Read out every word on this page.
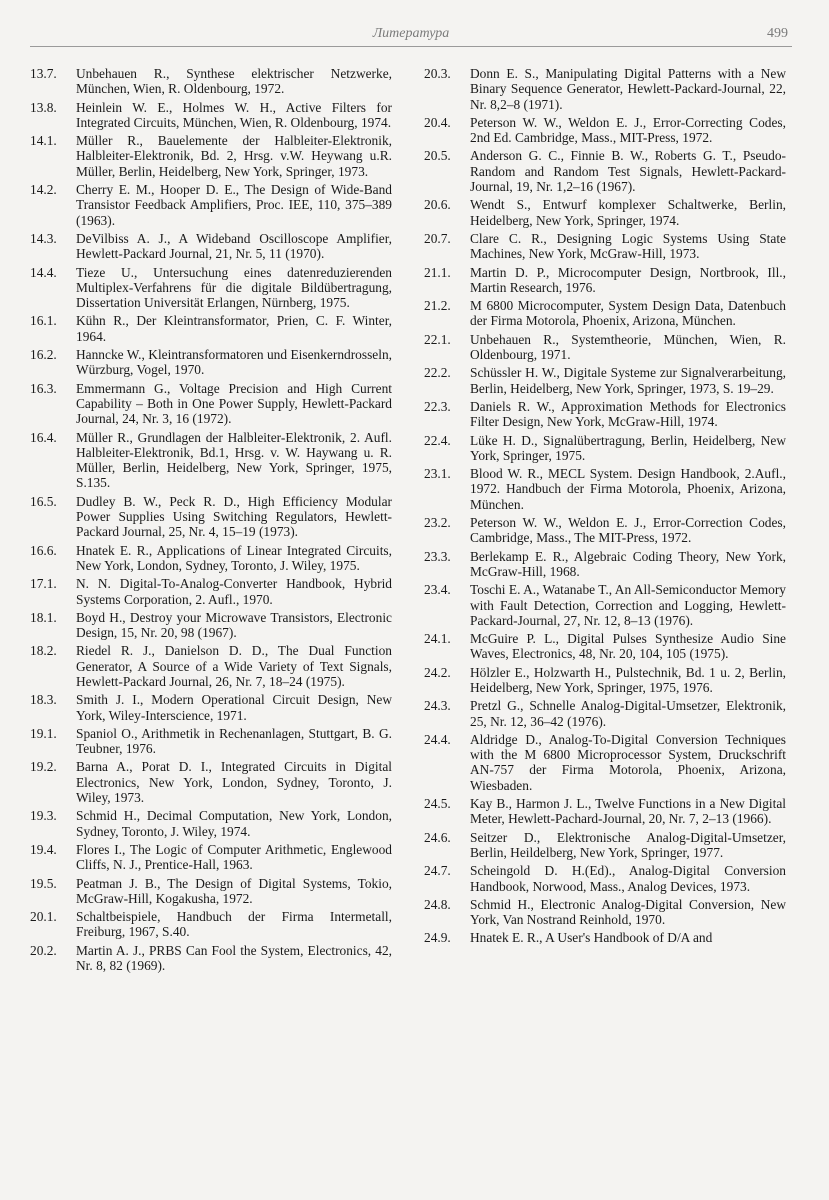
Литература	499
13.7.	Unbehauen R., Synthese elektrischer Netzwerke, München, Wien, R. Oldenbourg, 1972.
13.8.	Heinlein W. E., Holmes W. H., Active Filters for Integrated Circuits, München, Wien, R. Oldenbourg, 1974.
14.1.	Müller R., Bauelemente der Halbleiter-Elektronik, Halbleiter-Elektronik, Bd. 2, Hrsg. v.W. Heywang u.R. Müller, Berlin, Heidelberg, New York, Springer, 1973.
14.2.	Cherry E. M., Hooper D. E., The Design of Wide-Band Transistor Feedback Amplifiers, Proc. IEE, 110, 375–389 (1963).
14.3.	DeVilbiss A. J., A Wideband Oscilloscope Amplifier, Hewlett-Packard Journal, 21, Nr. 5, 11 (1970).
14.4.	Tieze U., Untersuchung eines datenreduzierenden Multiplex-Verfahrens für die digitale Bildübertragung, Dissertation Universität Erlangen, Nürnberg, 1975.
16.1.	Kühn R., Der Kleintransformator, Prien, C. F. Winter, 1964.
16.2.	Hanncke W., Kleintransformatoren und Eisenkerndrosseln, Würzburg, Vogel, 1970.
16.3.	Emmermann G., Voltage Precision and High Current Capability – Both in One Power Supply, Hewlett-Packard Journal, 24, Nr. 3, 16 (1972).
16.4.	Müller R., Grundlagen der Halbleiter-Elektronik, 2. Aufl. Halbleiter-Elektronik, Bd.1, Hrsg. v. W. Haywang u. R. Müller, Berlin, Heidelberg, New York, Springer, 1975, S.135.
16.5.	Dudley B. W., Peck R. D., High Efficiency Modular Power Supplies Using Switching Regulators, Hewlett-Packard Journal, 25, Nr. 4, 15–19 (1973).
16.6.	Hnatek E. R., Applications of Linear Integrated Circuits, New York, London, Sydney, Toronto, J. Wiley, 1975.
17.1.	N. N. Digital-To-Analog-Converter Handbook, Hybrid Systems Corporation, 2. Aufl., 1970.
18.1.	Boyd H., Destroy your Microwave Transistors, Electronic Design, 15, Nr. 20, 98 (1967).
18.2.	Riedel R. J., Danielson D. D., The Dual Function Generator, A Source of a Wide Variety of Text Signals, Hewlett-Packard Journal, 26, Nr. 7, 18–24 (1975).
18.3.	Smith J. I., Modern Operational Circuit Design, New York, Wiley-Interscience, 1971.
19.1.	Spaniol O., Arithmetik in Rechenanlagen, Stuttgart, B. G. Teubner, 1976.
19.2.	Barna A., Porat D. I., Integrated Circuits in Digital Electronics, New York, London, Sydney, Toronto, J. Wiley, 1973.
19.3.	Schmid H., Decimal Computation, New York, London, Sydney, Toronto, J. Wiley, 1974.
19.4.	Flores I., The Logic of Computer Arithmetic, Englewood Cliffs, N. J., Prentice-Hall, 1963.
19.5.	Peatman J. B., The Design of Digital Systems, Tokio, McGraw-Hill, Kogakusha, 1972.
20.1.	Schaltbeispiele, Handbuch der Firma Intermetall, Freiburg, 1967, S.40.
20.2.	Martin A. J., PRBS Can Fool the System, Electronics, 42, Nr. 8, 82 (1969).
20.3.	Donn E. S., Manipulating Digital Patterns with a New Binary Sequence Generator, Hewlett-Packard-Journal, 22, Nr. 8,2–8 (1971).
20.4.	Peterson W. W., Weldon E. J., Error-Correcting Codes, 2nd Ed. Cambridge, Mass., MIT-Press, 1972.
20.5.	Anderson G. C., Finnie B. W., Roberts G. T., Pseudo-Random and Random Test Signals, Hewlett-Packard-Journal, 19, Nr. 1,2–16 (1967).
20.6.	Wendt S., Entwurf komplexer Schaltwerke, Berlin, Heidelberg, New York, Springer, 1974.
20.7.	Clare C. R., Designing Logic Systems Using State Machines, New York, McGraw-Hill, 1973.
21.1.	Martin D. P., Microcomputer Design, Nortbrook, Ill., Martin Research, 1976.
21.2.	M 6800 Microcomputer, System Design Data, Datenbuch der Firma Motorola, Phoenix, Arizona, München.
22.1.	Unbehauen R., Systemtheorie, München, Wien, R. Oldenbourg, 1971.
22.2.	Schüssler H. W., Digitale Systeme zur Signalverarbeitung, Berlin, Heidelberg, New York, Springer, 1973, S. 19–29.
22.3.	Daniels R. W., Approximation Methods for Electronics Filter Design, New York, McGraw-Hill, 1974.
22.4.	Lüke H. D., Signalübertragung, Berlin, Heidelberg, New York, Springer, 1975.
23.1.	Blood W. R., MECL System. Design Handbook, 2.Aufl., 1972. Handbuch der Firma Motorola, Phoenix, Arizona, München.
23.2.	Peterson W. W., Weldon E. J., Error-Correction Codes, Cambridge, Mass., The MIT-Press, 1972.
23.3.	Berlekamp E. R., Algebraic Coding Theory, New York, McGraw-Hill, 1968.
23.4.	Toschi E. A., Watanabe T., An All-Semiconductor Memory with Fault Detection, Correction and Logging, Hewlett-Packard-Journal, 27, Nr. 12, 8–13 (1976).
24.1.	McGuire P. L., Digital Pulses Synthesize Audio Sine Waves, Electronics, 48, Nr. 20, 104, 105 (1975).
24.2.	Hölzler E., Holzwarth H., Pulstechnik, Bd. 1 u. 2, Berlin, Heidelberg, New York, Springer, 1975, 1976.
24.3.	Pretzl G., Schnelle Analog-Digital-Umsetzer, Elektronik, 25, Nr. 12, 36–42 (1976).
24.4.	Aldridge D., Analog-To-Digital Conversion Techniques with the M 6800 Microprocessor System, Druckschrift AN-757 der Firma Motorola, Phoenix, Arizona, Wiesbaden.
24.5.	Kay B., Harmon J. L., Twelve Functions in a New Digital Meter, Hewlett-Pachard-Journal, 20, Nr. 7, 2–13 (1966).
24.6.	Seitzer D., Elektronische Analog-Digital-Umsetzer, Berlin, Heildelberg, New York, Springer, 1977.
24.7.	Scheingold D. H.(Ed)., Analog-Digital Conversion Handbook, Norwood, Mass., Analog Devices, 1973.
24.8.	Schmid H., Electronic Analog-Digital Conversion, New York, Van Nostrand Reinhold, 1970.
24.9.	Hnatek E. R., A User's Handbook of D/A and
